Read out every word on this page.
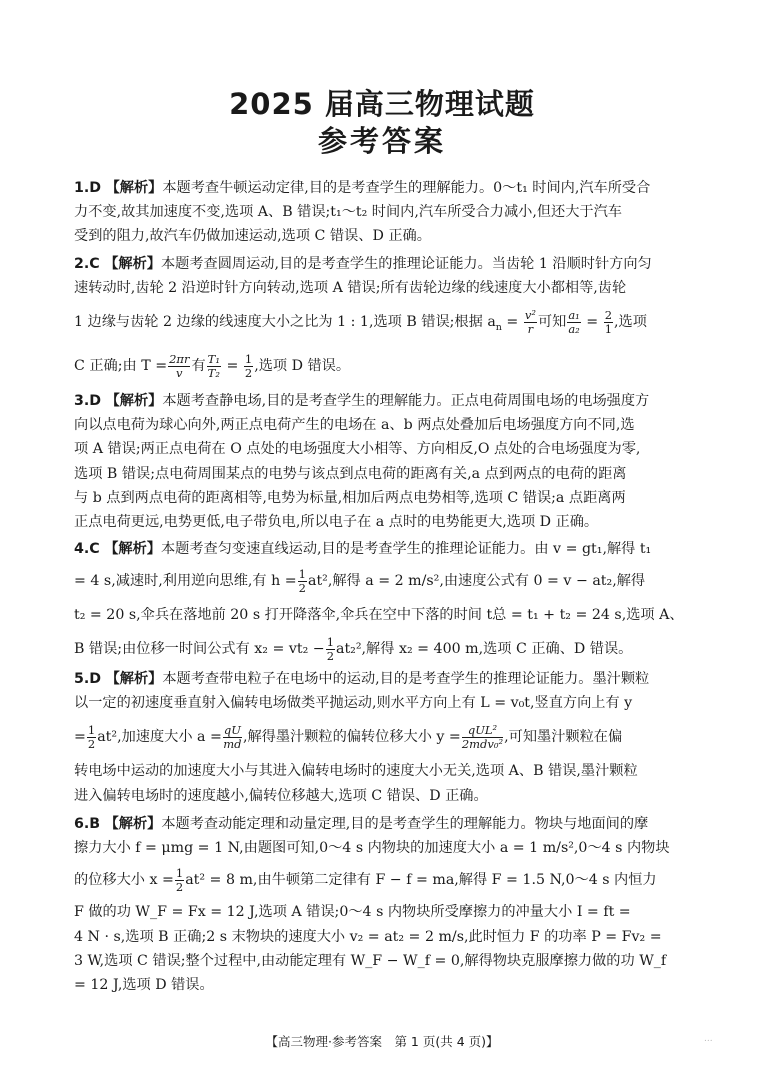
2025 届高三物理试题
参考答案

1.D 【解析】本题考查牛顿运动定律,目的是考查学生的理解能力。0～t₁ 时间内,汽车所受合

力不变,故其加速度不变,选项 A、B 错误;t₁～t₂ 时间内,汽车所受合力减小,但还大于汽车

受到的阻力,故汽车仍做加速运动,选项 C 错误、D 正确。

2.C 【解析】本题考查圆周运动,目的是考查学生的推理论证能力。当齿轮 1 沿顺时针方向匀

速转动时,齿轮 2 沿逆时针方向转动,选项 A 错误;所有齿轮边缘的线速度大小都相等,齿轮

1 边缘与齿轮 2 边缘的线速度大小之比为 1 : 1,选项 B 错误;根据 $a_n = \frac{\text{v²}}{r}$ 可知 $\frac{\text{a₁}}{\text{a₂}} = \frac{2}{1}$ ,选项

C 正确;由 $T = \frac{2\pi r}{v}$ 有 $\frac{\text{T₁}}{\text{T₂}} = \frac{1}{2}$ ,选项 D 错误。

3.D 【解析】本题考查静电场,目的是考查学生的理解能力。正点电荷周围电场的电场强度方

向以点电荷为球心向外,两正点电荷产生的电场在 a、b 两点处叠加后电场强度方向不同,选

项 A 错误;两正点电荷在 O 点处的电场强度大小相等、方向相反,O 点处的合电场强度为零,

选项 B 错误;点电荷周围某点的电势与该点到点电荷的距离有关,a 点到两点的电荷的距离

与 b 点到两点电荷的距离相等,电势为标量,相加后两点电势相等,选项 C 错误;a 点距离两

正点电荷更远,电势更低,电子带负电,所以电子在 a 点时的电势能更大,选项 D 正确。

4.C 【解析】本题考查匀变速直线运动,目的是考查学生的推理论证能力。由 v = gt₁,解得 t₁

= 4 s,减速时,利用逆向思维,有 $h = \frac{1}{2} at^2$,解得 a = 2 m/s²,由速度公式有 0 = v − at₂,解得

t₂ = 20 s,伞兵在落地前 20 s 打开降落伞,伞兵在空中下落的时间 t总 = t₁ + t₂ = 24 s,选项 A、

B 错误;由位移一时间公式有 $x_2 = vt_2 - \frac{1}{2} at_2^2$,解得 x₂ = 400 m,选项 C 正确、D 错误。

5.D 【解析】本题考查带电粒子在电场中的运动,目的是考查学生的推理论证能力。墨汁颗粒

以一定的初速度垂直射入偏转电场做类平抛运动,则水平方向上有 L = v₀t,竖直方向上有 y

= $\frac{1}{2} at^2$,加速度大小 $a = \frac{qU}{md}$ ,解得墨汁颗粒的偏转位移大小 $y = \frac{\text{qUL²}}{\text{2mdv₀²}}$ ,可知墨汁颗粒在偏

转电场中运动的加速度大小与其进入偏转电场时的速度大小无关,选项 A、B 错误,墨汁颗粒

进入偏转电场时的速度越小,偏转位移越大,选项 C 错误、D 正确。

6.B 【解析】本题考查动能定理和动量定理,目的是考查学生的理解能力。物块与地面间的摩

擦力大小 f = μmg = 1 N,由题图可知,0～4 s 内物块的加速度大小 a = 1 m/s²,0～4 s 内物块

的位移大小 $x = \frac{1}{2} at^2 = 8$ m,由牛顿第二定律有 F − f = ma,解得 F = 1.5 N,0～4 s 内恒力

F 做的功 W_F = Fx = 12 J,选项 A 错误;0～4 s 内物块所受摩擦力的冲量大小 I = ft =

4 N · s,选项 B 正确;2 s 末物块的速度大小 v₂ = at₂ = 2 m/s,此时恒力 F 的功率 P = Fv₂ =

3 W,选项 C 错误;整个过程中,由动能定理有 W_F − W_f = 0,解得物块克服摩擦力做的功 W_f

= 12 J,选项 D 错误。

【高三物理·参考答案　第 1 页(共 4 页)】	...
